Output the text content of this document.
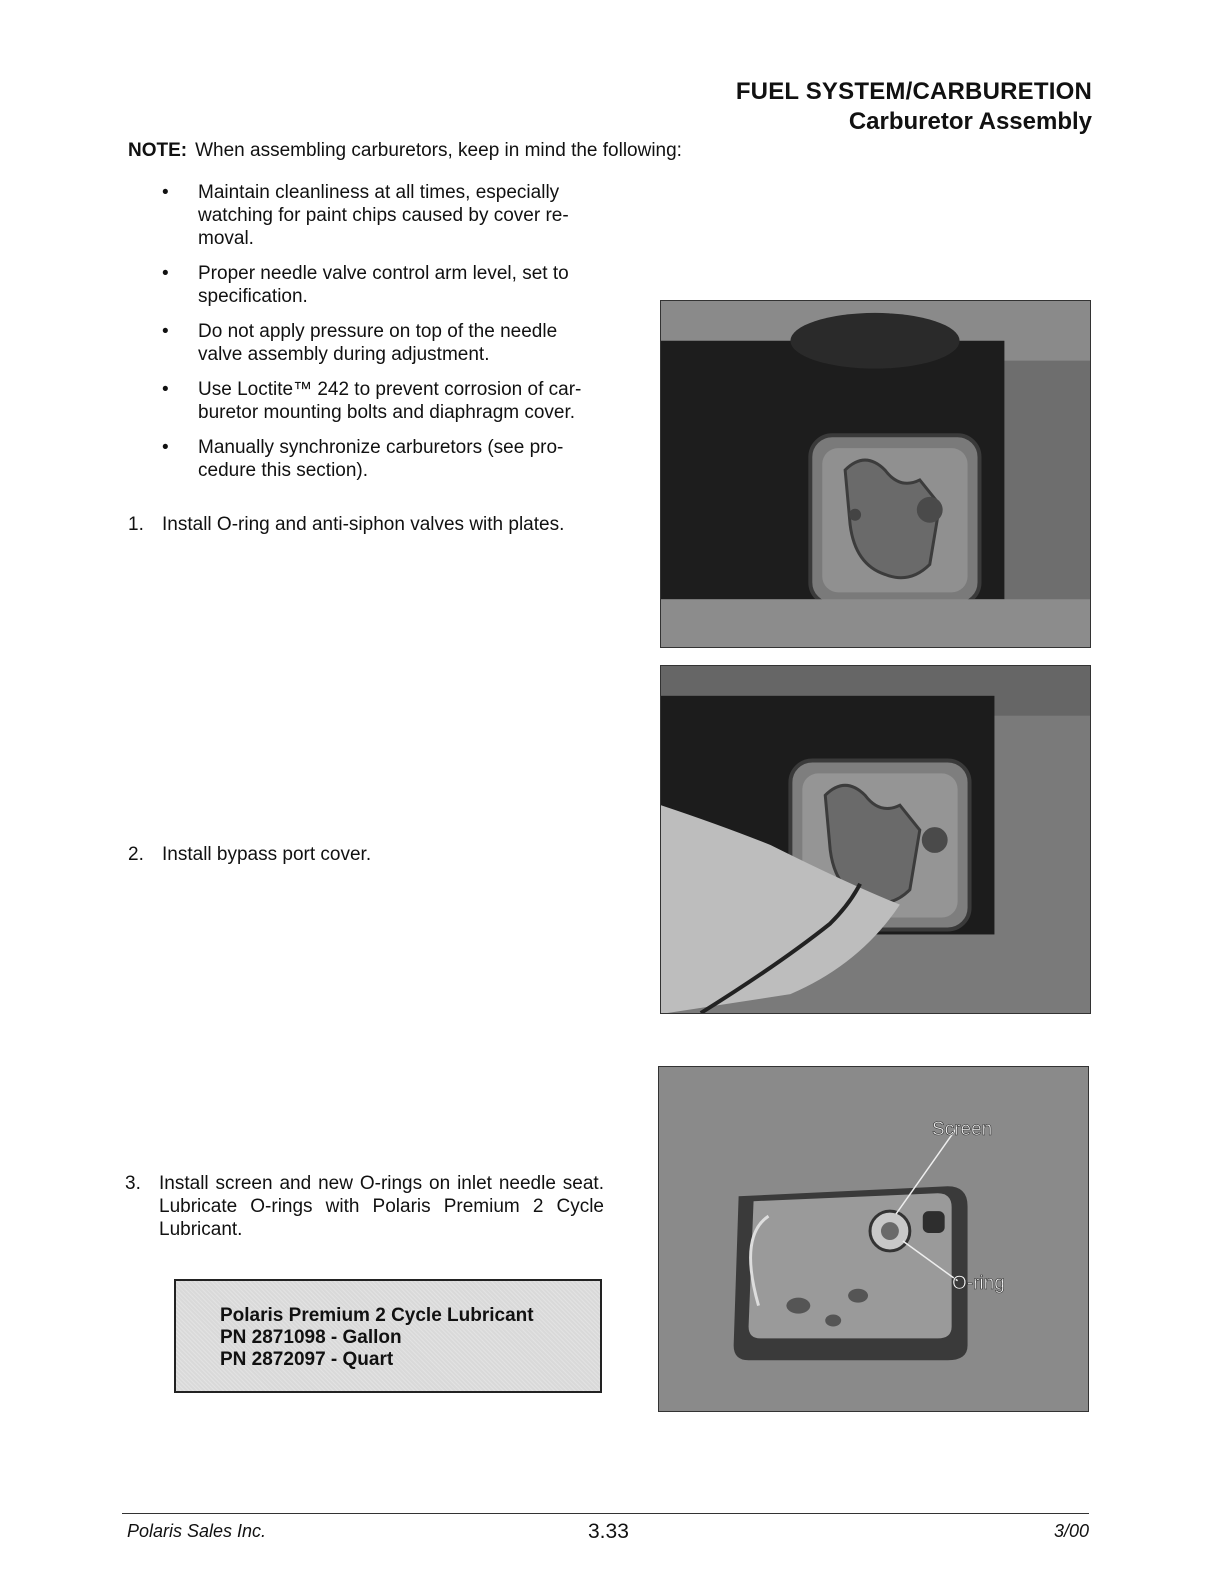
FUEL SYSTEM/CARBURETION
Carburetor Assembly
NOTE: When assembling carburetors, keep in mind the following:
• Maintain cleanliness at all times, especially watching for paint chips caused by cover re-moval.
• Proper needle valve control arm level, set to specification.
• Do not apply pressure on top of the needle valve assembly during adjustment.
• Use Loctite™ 242 to prevent corrosion of car-buretor mounting bolts and diaphragm cover.
• Manually synchronize carburetors (see pro-cedure this section).
1. Install O-ring and anti-siphon valves with plates.
2. Install bypass port cover.
3. Install screen and new O-rings on inlet needle seat. Lubricate O-rings with Polaris Premium 2 Cycle Lubricant.
Polaris Premium 2 Cycle Lubricant
PN 2871098 - Gallon
PN 2872097 - Quart
Screen
O-ring
Polaris Sales Inc.	3.33	3/00
